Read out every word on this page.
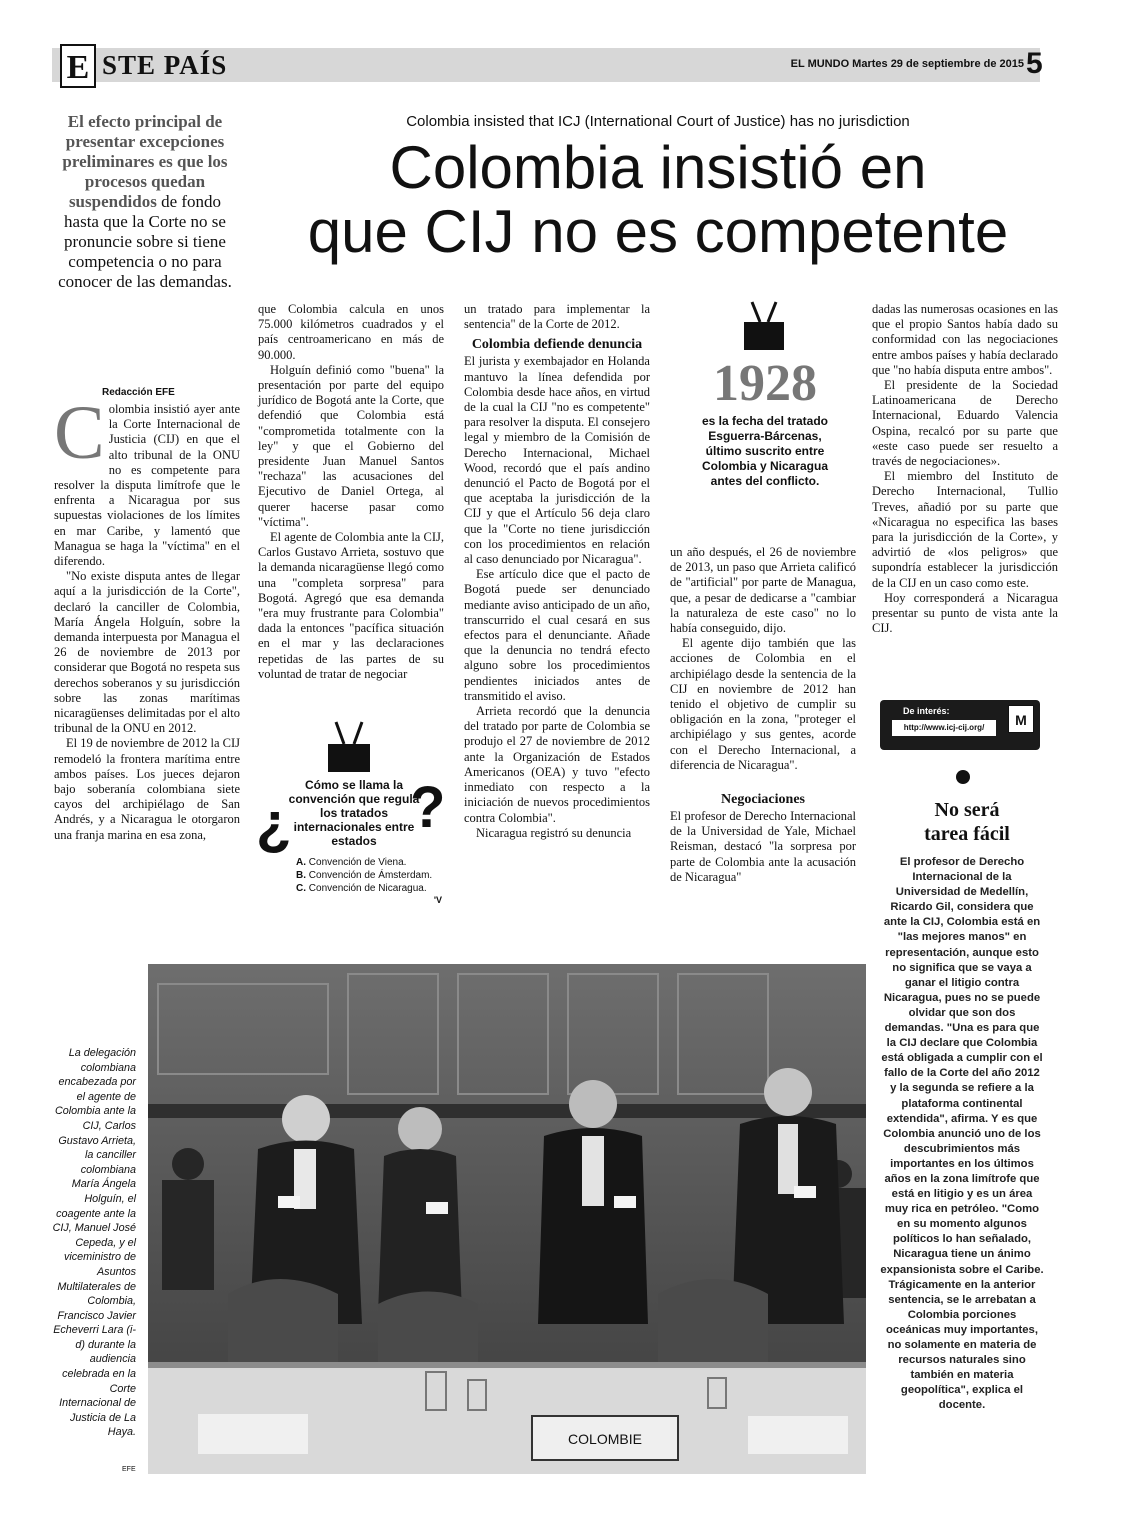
E STE PAÍS	EL MUNDO Martes 29 de septiembre de 2015 5
El efecto principal de presentar excepciones preliminares es que los procesos quedan suspendidos de fondo hasta que la Corte no se pronuncie sobre si tiene competencia o no para conocer de las demandas.
Colombia insisted that ICJ (International Court of Justice) has no jurisdiction
Colombia insistió en
que CIJ no es competente
Redacción EFE

Colombia insistió ayer ante la Corte Internacional de Justicia (CIJ) en que el alto tribunal de la ONU no es competente para resolver la disputa limítrofe que le enfrenta a Nicaragua por sus supuestas violaciones de los límites en mar Caribe, y lamentó que Managua se haga la "víctima" en el diferendo.

"No existe disputa antes de llegar aquí a la jurisdicción de la Corte", declaró la canciller de Colombia, María Ángela Holguín, sobre la demanda interpuesta por Managua el 26 de noviembre de 2013 por considerar que Bogotá no respeta sus derechos soberanos y su jurisdicción sobre las zonas marítimas nicaragüenses delimitadas por el alto tribunal de la ONU en 2012.

El 19 de noviembre de 2012 la CIJ remodeló la frontera marítima entre ambos países. Los jueces dejaron bajo soberanía colombiana siete cayos del archipiélago de San Andrés, y a Nicaragua le otorgaron una franja marina en esa zona,

que Colombia calcula en unos 75.000 kilómetros cuadrados y el país centroamericano en más de 90.000.

Holguín definió como "buena" la presentación por parte del equipo jurídico de Bogotá ante la Corte, que defendió que Colombia está "comprometida totalmente con la ley" y que el Gobierno del presidente Juan Manuel Santos "rechaza" las acusaciones del Ejecutivo de Daniel Ortega, al querer hacerse pasar como "víctima".

El agente de Colombia ante la CIJ, Carlos Gustavo Arrieta, sostuvo que la demanda nicaragüense llegó como una "completa sorpresa" para Bogotá. Agregó que esa demanda "era muy frustrante para Colombia" dada la entonces "pacífica situación en el mar y las declaraciones repetidas de las partes de su voluntad de tratar de negociar

¿ ?
Cómo se llama la convención que regula los tratados internacionales entre estados
A. Convención de Viena.
B. Convención de Ámsterdam.
C. Convención de Nicaragua.
'V

un tratado para implementar la sentencia" de la Corte de 2012.

Colombia defiende denuncia

El jurista y exembajador en Holanda mantuvo la línea defendida por Colombia desde hace años, en virtud de la cual la CIJ "no es competente" para resolver la disputa. El consejero legal y miembro de la Comisión de Derecho Internacional, Michael Wood, recordó que el país andino denunció el Pacto de Bogotá por el que aceptaba la jurisdicción de la CIJ y que el Artículo 56 deja claro que la "Corte no tiene jurisdicción con los procedimientos en relación al caso denunciado por Nicaragua".

Ese artículo dice que el pacto de Bogotá puede ser denunciado mediante aviso anticipado de un año, transcurrido el cual cesará en sus efectos para el denunciante. Añade que la denuncia no tendrá efecto alguno sobre los procedimientos pendientes iniciados antes de transmitido el aviso.

Arrieta recordó que la denuncia del tratado por parte de Colombia se produjo el 27 de noviembre de 2012 ante la Organización de Estados Americanos (OEA) y tuvo "efecto inmediato con respecto a la iniciación de nuevos procedimientos contra Colombia".

Nicaragua registró su denuncia

1928
es la fecha del tratado Esguerra-Bárcenas, último suscrito entre Colombia y Nicaragua antes del conflicto.

un año después, el 26 de noviembre de 2013, un paso que Arrieta calificó de "artificial" por parte de Managua, que, a pesar de dedicarse a "cambiar la naturaleza de este caso" no lo había conseguido, dijo.

El agente dijo también que las acciones de Colombia en el archipiélago desde la sentencia de la CIJ en noviembre de 2012 han tenido el objetivo de cumplir su obligación en la zona, "proteger el archipiélago y sus gentes, acorde con el Derecho Internacional, a diferencia de Nicaragua".

Negociaciones

El profesor de Derecho Internacional de la Universidad de Yale, Michael Reisman, destacó "la sorpresa por parte de Colombia ante la acusación de Nicaragua"

dadas las numerosas ocasiones en las que el propio Santos había dado su conformidad con las negociaciones entre ambos países y había declarado que "no había disputa entre ambos".

El presidente de la Sociedad Latinoamericana de Derecho Internacional, Eduardo Valencia Ospina, recalcó por su parte que «este caso puede ser resuelto a través de negociaciones».

El miembro del Instituto de Derecho Internacional, Tullio Treves, añadió por su parte que «Nicaragua no especifica las bases para la jurisdicción de la Corte», y advirtió de «los peligros» que supondría establecer la jurisdicción de la CIJ en un caso como este.

Hoy corresponderá a Nicaragua presentar su punto de vista ante la CIJ.

De interés:
http://www.icj-cij.org/	M
No será
tarea fácil
El profesor de Derecho Internacional de la Universidad de Medellín, Ricardo Gil, considera que ante la CIJ, Colombia está en "las mejores manos" en representación, aunque esto no significa que se vaya a ganar el litigio contra Nicaragua, pues no se puede olvidar que son dos demandas. "Una es para que la CIJ declare que Colombia está obligada a cumplir con el fallo de la Corte del año 2012 y la segunda se refiere a la plataforma continental extendida", afirma. Y es que Colombia anunció uno de los descubrimientos más importantes en los últimos años en la zona limítrofe que está en litigio y es un área muy rica en petróleo. "Como en su momento algunos políticos lo han señalado, Nicaragua tiene un ánimo expansionista sobre el Caribe. Trágicamente en la anterior sentencia, se le arrebatan a Colombia porciones oceánicas muy importantes, no solamente en materia de recursos naturales sino también en materia geopolítica", explica el docente.
COLOMBIE
La delegación colombiana encabezada por el agente de Colombia ante la CIJ, Carlos Gustavo Arrieta, la canciller colombiana María Ángela Holguín, el coagente ante la CIJ, Manuel José Cepeda, y el viceministro de Asuntos Multilaterales de Colombia, Francisco Javier Echeverri Lara (i-d) durante la audiencia celebrada en la Corte Internacional de Justicia de La Haya.
EFE
